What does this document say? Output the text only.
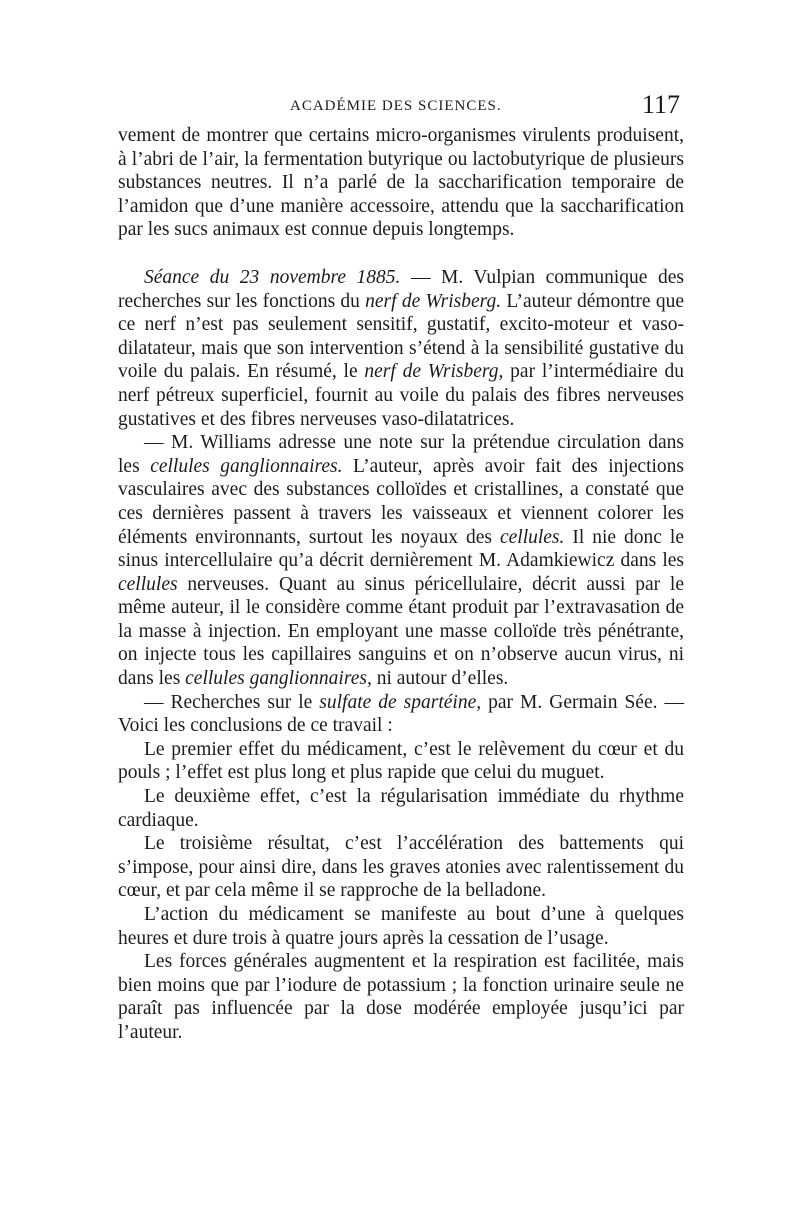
ACADÉMIE DES SCIENCES.	117

vement de montrer que certains micro-organismes virulents produisent, à l’abri de l’air, la fermentation butyrique ou lactobutyrique de plusieurs substances neutres. Il n’a parlé de la saccharification temporaire de l’amidon que d’une manière accessoire, attendu que la saccharification par les sucs animaux est connue depuis longtemps.

Séance du 23 novembre 1885. — M. Vulpian communique des recherches sur les fonctions du nerf de Wrisberg. L’auteur démontre que ce nerf n’est pas seulement sensitif, gustatif, excito-moteur et vaso-dilatateur, mais que son intervention s’étend à la sensibilité gustative du voile du palais. En résumé, le nerf de Wrisberg, par l’intermédiaire du nerf pétreux superficiel, fournit au voile du palais des fibres nerveuses gustatives et des fibres nerveuses vaso-dilatatrices.

— M. Williams adresse une note sur la prétendue circulation dans les cellules ganglionnaires. L’auteur, après avoir fait des injections vasculaires avec des substances colloïdes et cristallines, a constaté que ces dernières passent à travers les vaisseaux et viennent colorer les éléments environnants, surtout les noyaux des cellules. Il nie donc le sinus intercellulaire qu’a décrit dernièrement M. Adamkiewicz dans les cellules nerveuses. Quant au sinus péricellulaire, décrit aussi par le même auteur, il le considère comme étant produit par l’extravasation de la masse à injection. En employant une masse colloïde très pénétrante, on injecte tous les capillaires sanguins et on n’observe aucun virus, ni dans les cellules ganglionnaires, ni autour d’elles.

— Recherches sur le sulfate de spartéine, par M. Germain Sée. — Voici les conclusions de ce travail :

Le premier effet du médicament, c’est le relèvement du cœur et du pouls ; l’effet est plus long et plus rapide que celui du muguet.

Le deuxième effet, c’est la régularisation immédiate du rhythme cardiaque.

Le troisième résultat, c’est l’accélération des battements qui s’impose, pour ainsi dire, dans les graves atonies avec ralentissement du cœur, et par cela même il se rapproche de la belladone.

L’action du médicament se manifeste au bout d’une à quelques heures et dure trois à quatre jours après la cessation de l’usage.

Les forces générales augmentent et la respiration est facilitée, mais bien moins que par l’iodure de potassium ; la fonction urinaire seule ne paraît pas influencée par la dose modérée employée jusqu’ici par l’auteur.
